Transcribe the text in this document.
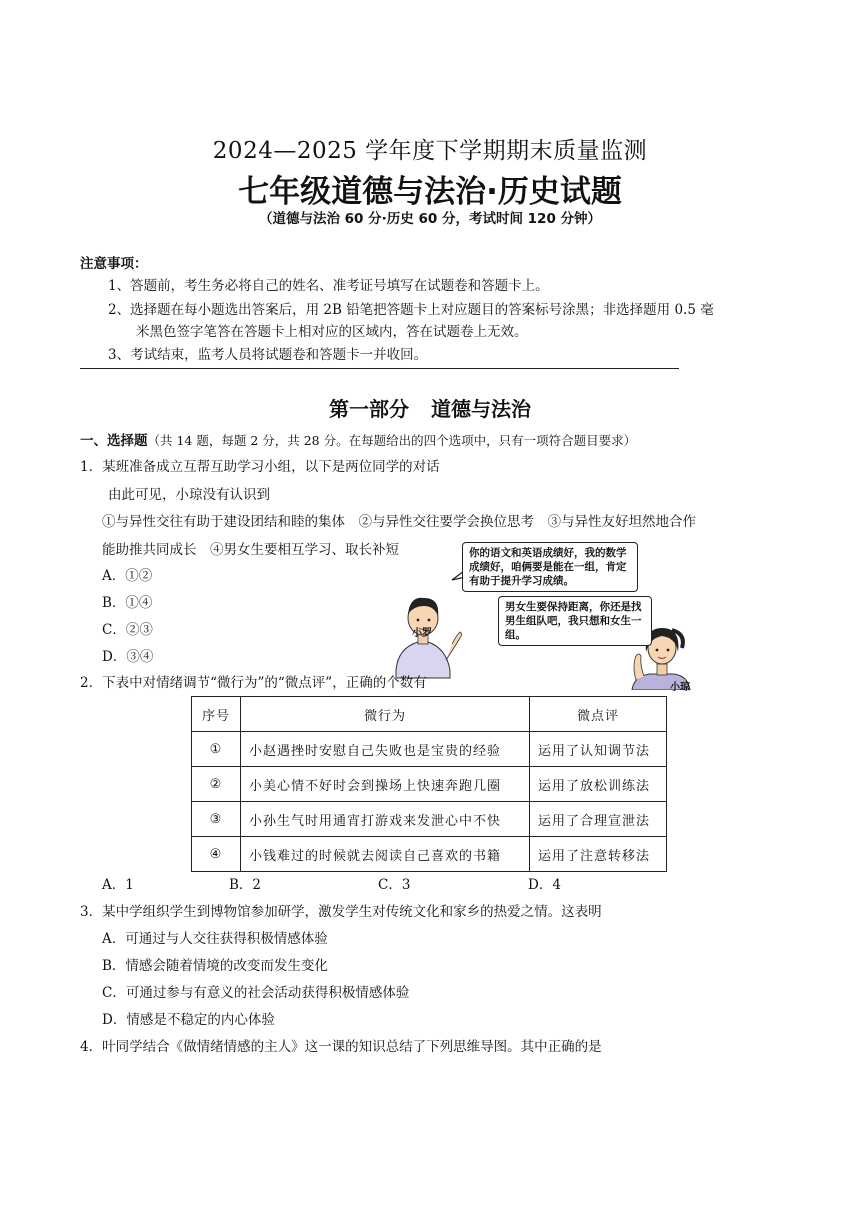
2024—2025 学年度下学期期末质量监测
七年级道德与法治·历史试题
（道德与法治 60 分·历史 60 分，考试时间 120 分钟）
注意事项：
1、答题前，考生务必将自己的姓名、准考证号填写在试题卷和答题卡上。
2、选择题在每小题选出答案后，用 2B 铅笔把答题卡上对应题目的答案标号涂黑；非选择题用 0.5 毫
米黑色签字笔答在答题卡上相对应的区域内，答在试题卷上无效。
3、考试结束，监考人员将试题卷和答题卡一并收回。
第一部分 道德与法治
一、选择题（共 14 题，每题 2 分，共 28 分。在每题给出的四个选项中，只有一项符合题目要求）
1．某班准备成立互帮互助学习小组，以下是两位同学的对话
由此可见，小琼没有认识到
①与异性交往有助于建设团结和睦的集体　②与异性交往要学会换位思考　③与异性友好坦然地合作
能助推共同成长　④男女生要相互学习、取长补短
A．①②
B．①④
C．②③
D．③④
你的语文和英语成绩好，我的数学成绩好，咱俩要是能在一组，肯定有助于提升学习成绩。
小罗
男女生要保持距离，你还是找男生组队吧，我只想和女生一组。
小琼
2．下表中对情绪调节“微行为”的“微点评”，正确的个数有
序号	微行为	微点评
①	小赵遇挫时安慰自己失败也是宝贵的经验	运用了认知调节法
②	小美心情不好时会到操场上快速奔跑几圈	运用了放松训练法
③	小孙生气时用通宵打游戏来发泄心中不快	运用了合理宣泄法
④	小钱难过的时候就去阅读自己喜欢的书籍	运用了注意转移法
A．1	B．2	C．3	D．4
3．某中学组织学生到博物馆参加研学，激发学生对传统文化和家乡的热爱之情。这表明
A．可通过与人交往获得积极情感体验
B．情感会随着情境的改变而发生变化
C．可通过参与有意义的社会活动获得积极情感体验
D．情感是不稳定的内心体验
4．叶同学结合《做情绪情感的主人》这一课的知识总结了下列思维导图。其中正确的是
